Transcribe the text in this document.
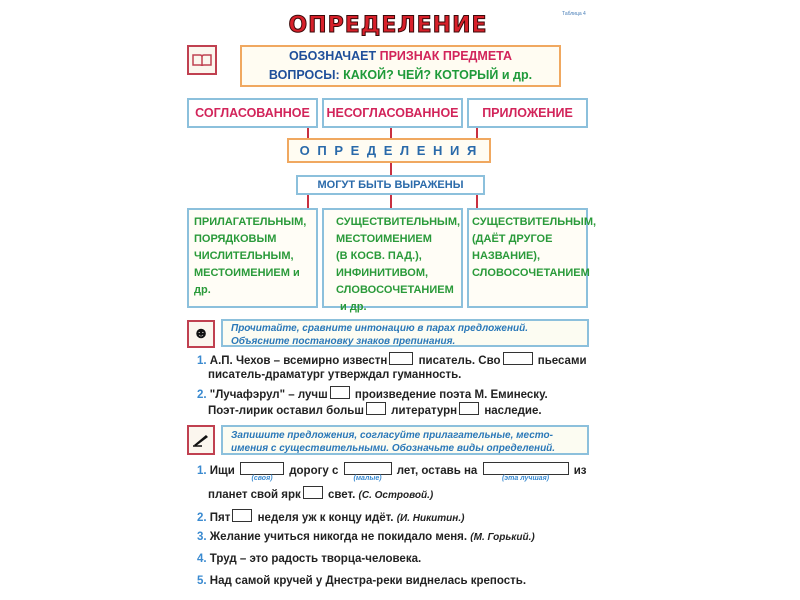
Таблица 4
ОПРЕДЕЛЕНИЕ
ОБОЗНАЧАЕТ ПРИЗНАК ПРЕДМЕТА
ВОПРОСЫ: КАКОЙ? ЧЕЙ? КОТОРЫЙ и др.
СОГЛАСОВАННОЕ	НЕСОГЛАСОВАННОЕ	ПРИЛОЖЕНИЕ
О П Р Е Д Е Л Е Н И Я
МОГУТ БЫТЬ ВЫРАЖЕНЫ
ПРИЛАГАТЕЛЬНЫМ,
ПОРЯДКОВЫМ
ЧИСЛИТЕЛЬНЫМ,
МЕСТОИМЕНИЕМ и др.
СУЩЕСТВИТЕЛЬНЫМ,
МЕСТОИМЕНИЕМ
(В КОСВ. ПАД.),
ИНФИНИТИВОМ,
СЛОВОСОЧЕТАНИЕМ
и др.
СУЩЕСТВИТЕЛЬНЫМ,
(ДАЁТ ДРУГОЕ
НАЗВАНИЕ),
СЛОВОСОЧЕТАНИЕМ
☻	Прочитайте, сравните интонацию в парах предложений.
Объясните постановку знаков препинания.
1. А.П. Чехов – всемирно известн писатель. Сво	пьесами
писатель-драматург утверждал гуманность.
2. "Лучафэрул" – лучш произведение поэта М. Еминеску.
Поэт-лирик оставил больш литературн наследие.
Запишите предложения, согласуйте прилагательные, место-
имения с существительными. Обозначьте виды определений.
1. Ищи
(своя)
дорогу с
(малые)
лет, оставь на
(эта лучшая)
из
планет свой ярк свет. (С. Островой.)
2. Пят неделя уж к концу идёт. (И. Никитин.)
3. Желание учиться никогда не покидало меня. (М. Горький.)
4. Труд – это радость творца-человека.
5. Над самой кручей у Днестра-реки виднелась крепость.
